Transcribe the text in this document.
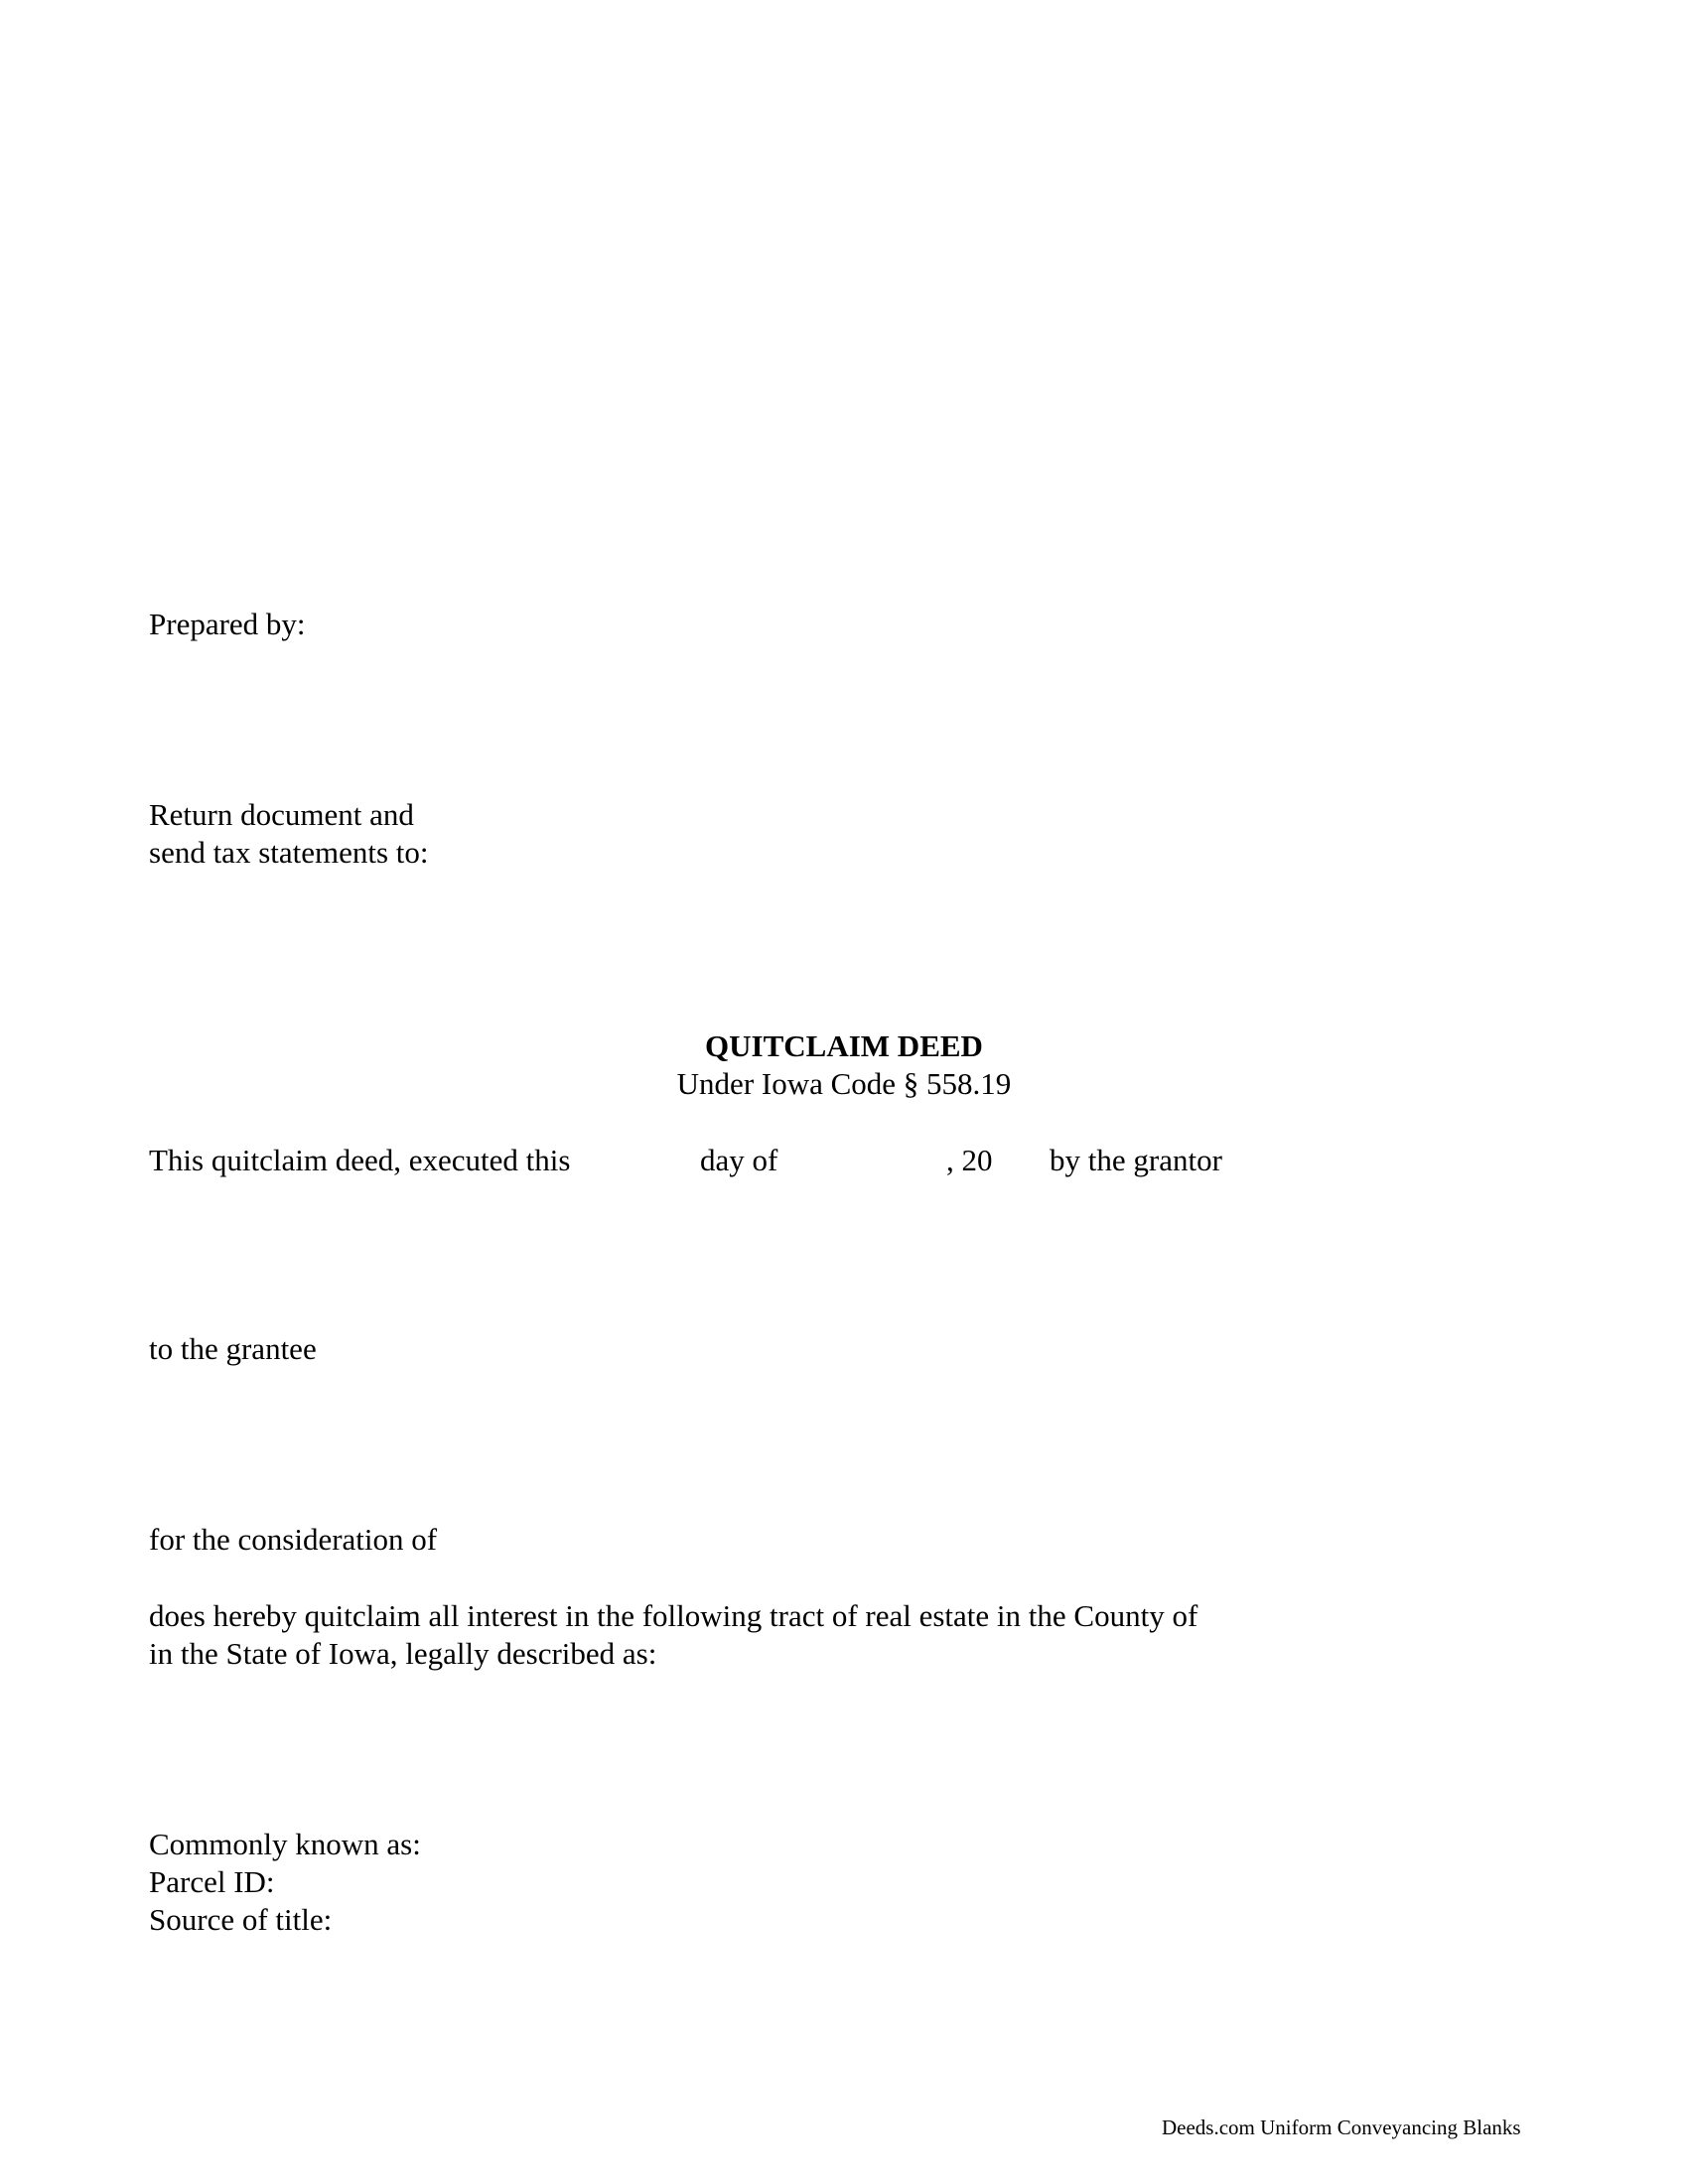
Prepared by:
Return document and
send tax statements to:
QUITCLAIM DEED
Under Iowa Code § 558.19
This quitclaim deed, executed this	day of	, 20 by the grantor
to the grantee
for the consideration of
does hereby quitclaim all interest in the following tract of real estate in the County of
in the State of Iowa, legally described as:
Commonly known as:
Parcel ID:
Source of title:
Deeds.com Uniform Conveyancing Blanks
